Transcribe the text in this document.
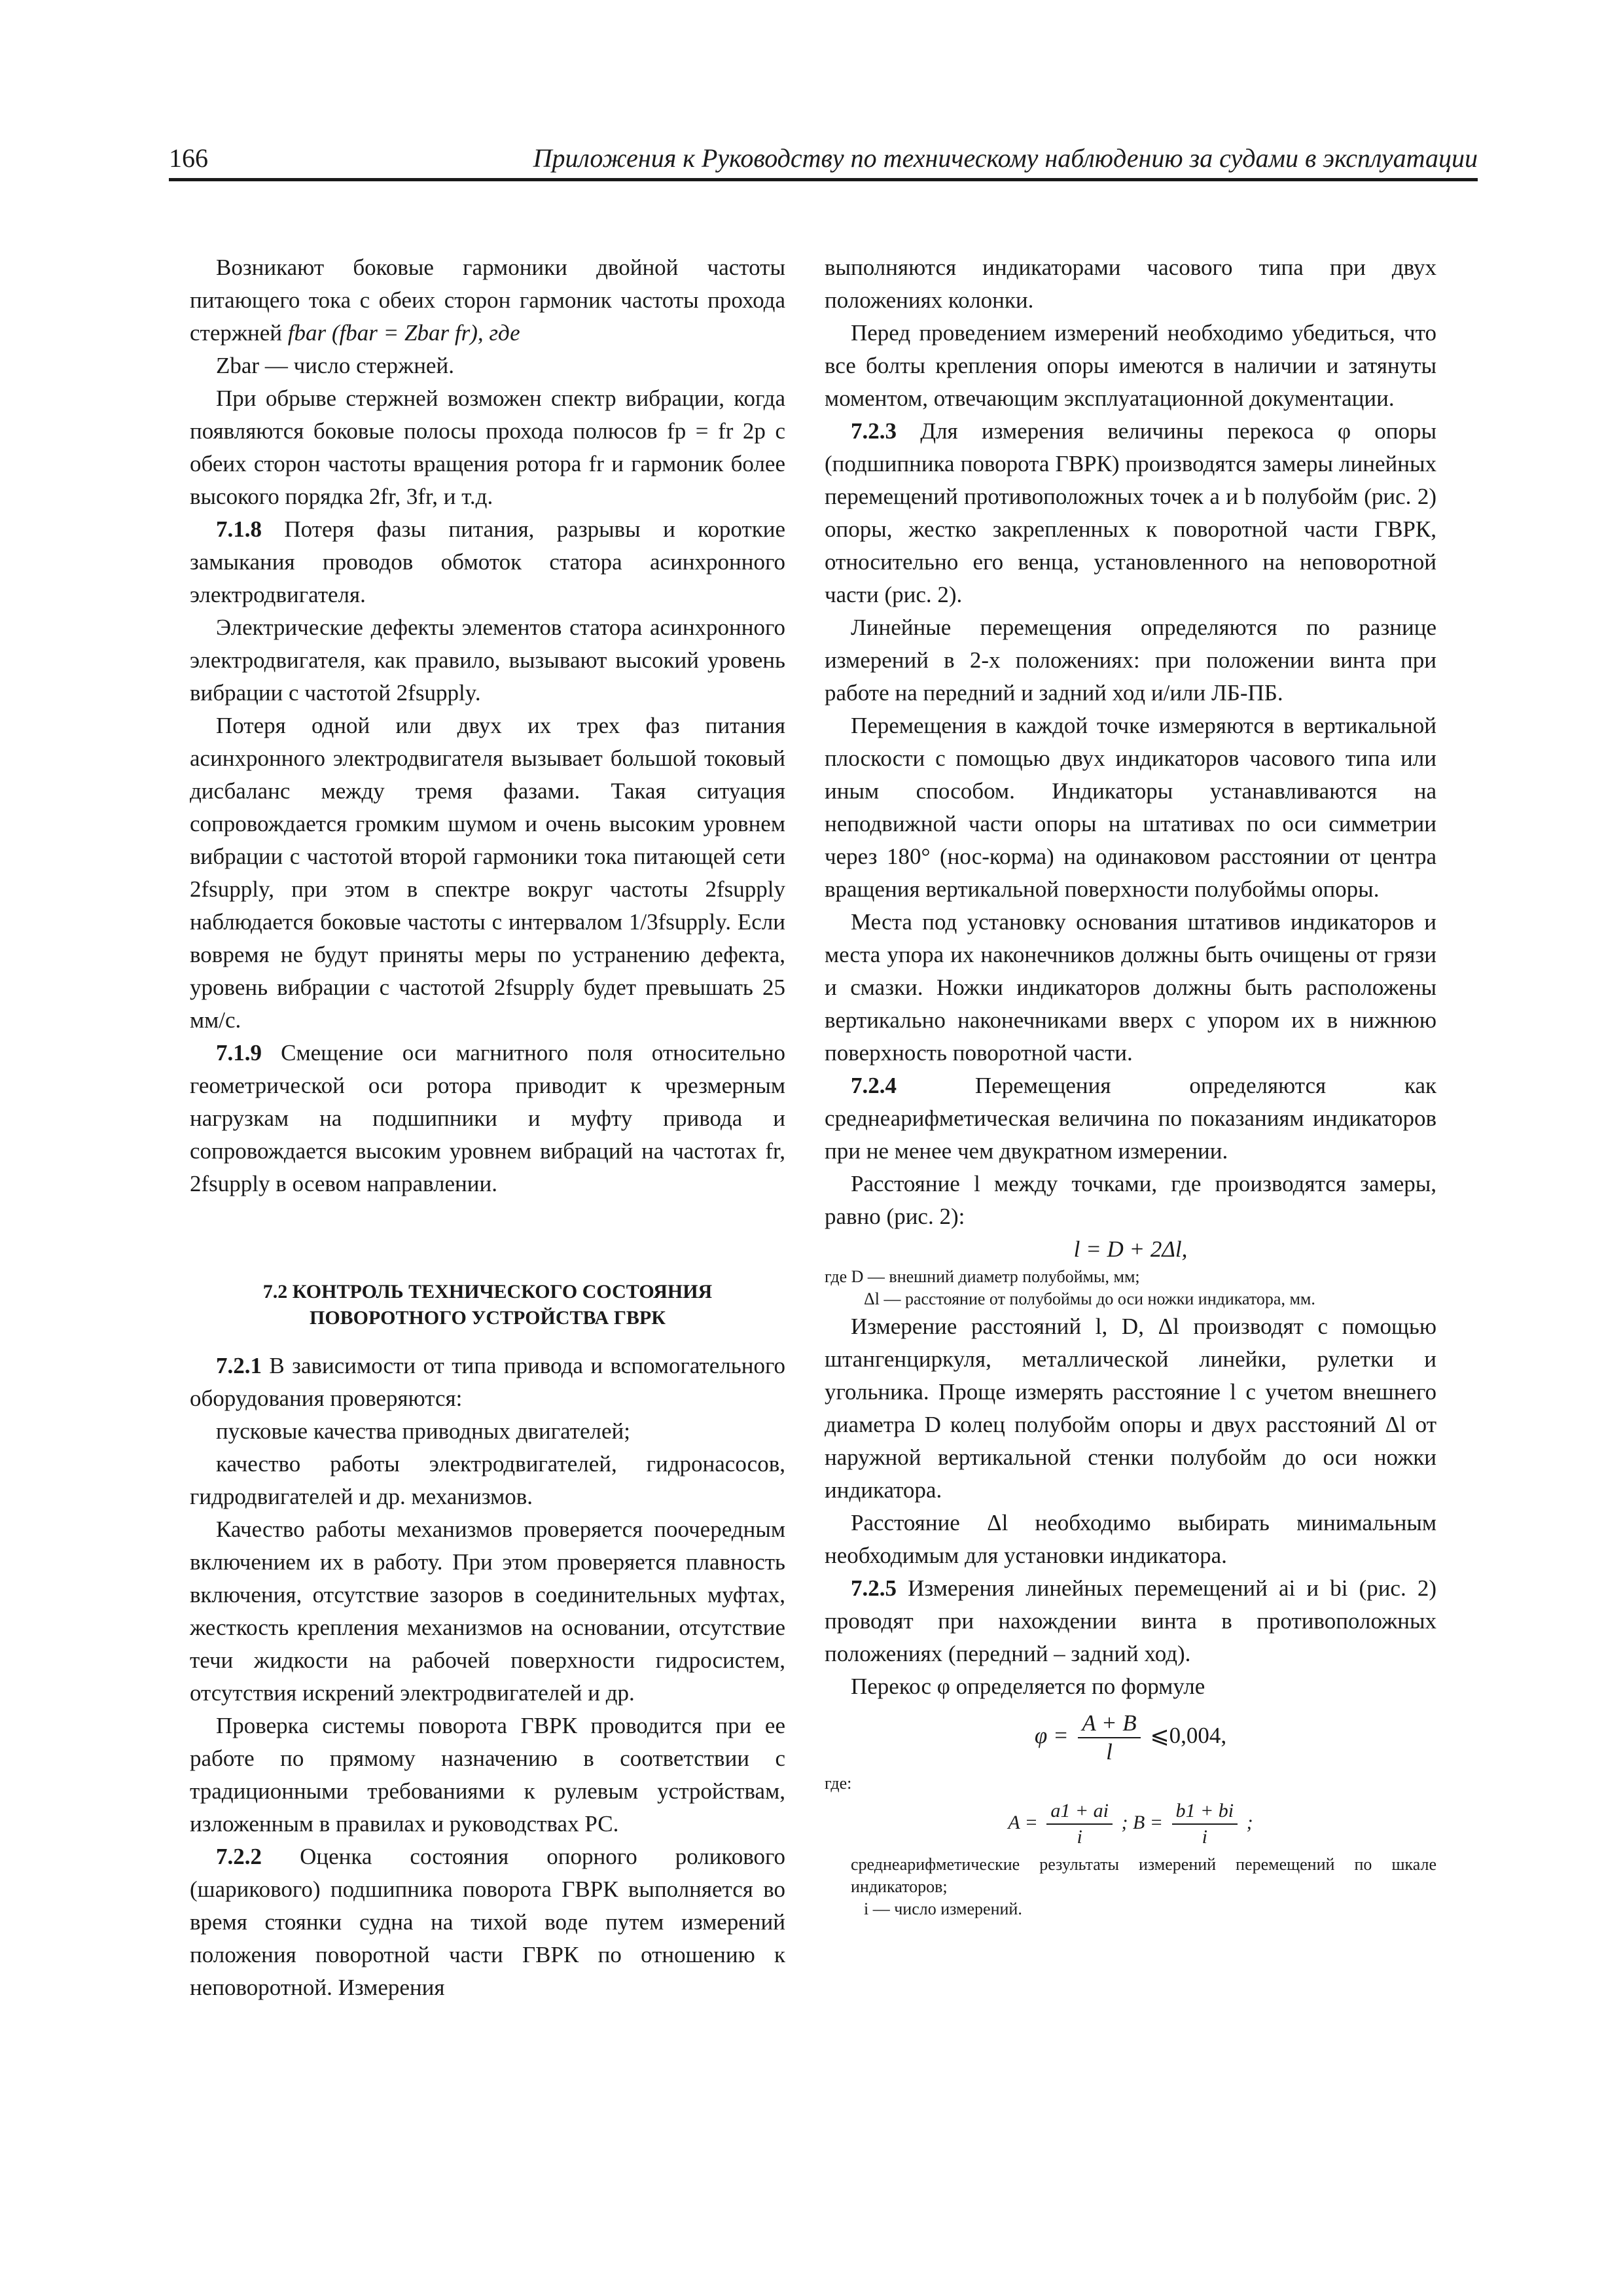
166	Приложения к Руководству по техническому наблюдению за судами в эксплуатации

Возникают боковые гармоники двойной частоты питающего тока с обеих сторон гармоник частоты прохода стержней fbar (fbar = Zbar fr), где

Zbar — число стержней.

При обрыве стержней возможен спектр вибрации, когда появляются боковые полосы прохода полюсов fp = fr 2p с обеих сторон частоты вращения ротора fr и гармоник более высокого порядка 2fr, 3fr, и т.д.

7.1.8 Потеря фазы питания, разрывы и короткие замыкания проводов обмоток статора асинхронного электродвигателя.

Электрические дефекты элементов статора асинхронного электродвигателя, как правило, вызывают высокий уровень вибрации с частотой 2fsupply.

Потеря одной или двух их трех фаз питания асинхронного электродвигателя вызывает большой токовый дисбаланс между тремя фазами. Такая ситуация сопровождается громким шумом и очень высоким уровнем вибрации с частотой второй гармоники тока питающей сети 2fsupply, при этом в спектре вокруг частоты 2fsupply наблюдается боковые частоты с интервалом 1/3fsupply. Если вовремя не будут приняты меры по устранению дефекта, уровень вибрации с частотой 2fsupply будет превышать 25 мм/с.

7.1.9 Смещение оси магнитного поля относительно геометрической оси ротора приводит к чрезмерным нагрузкам на подшипники и муфту привода и сопровождается высоким уровнем вибраций на частотах fr, 2fsupply в осевом направлении.

7.2 КОНТРОЛЬ ТЕХНИЧЕСКОГО СОСТОЯНИЯ
ПОВОРОТНОГО УСТРОЙСТВА ГВРК

7.2.1 В зависимости от типа привода и вспомогательного оборудования проверяются:

пусковые качества приводных двигателей;

качество работы электродвигателей, гидронасосов, гидродвигателей и др. механизмов.

Качество работы механизмов проверяется поочередным включением их в работу. При этом проверяется плавность включения, отсутствие зазоров в соединительных муфтах, жесткость крепления механизмов на основании, отсутствие течи жидкости на рабочей поверхности гидросистем, отсутствия искрений электродвигателей и др.

Проверка системы поворота ГВРК проводится при ее работе по прямому назначению в соответствии с традиционными требованиями к рулевым устройствам, изложенным в правилах и руководствах РС.

7.2.2 Оценка состояния опорного роликового (шарикового) подшипника поворота ГВРК выполняется во время стоянки судна на тихой воде путем измерений положения поворотной части ГВРК по отношению к неповоротной. Измерения

выполняются индикаторами часового типа при двух положениях колонки.

Перед проведением измерений необходимо убедиться, что все болты крепления опоры имеются в наличии и затянуты моментом, отвечающим эксплуатационной документации.

7.2.3 Для измерения величины перекоса φ опоры (подшипника поворота ГВРК) производятся замеры линейных перемещений противоположных точек a и b полубойм (рис. 2) опоры, жестко закрепленных к поворотной части ГВРК, относительно его венца, установленного на неповоротной части (рис. 2).

Линейные перемещения определяются по разнице измерений в 2-х положениях: при положении винта при работе на передний и задний ход и/или ЛБ-ПБ.

Перемещения в каждой точке измеряются в вертикальной плоскости с помощью двух индикаторов часового типа или иным способом. Индикаторы устанавливаются на неподвижной части опоры на штативах по оси симметрии через 180° (нос-корма) на одинаковом расстоянии от центра вращения вертикальной поверхности полубоймы опоры.

Места под установку основания штативов индикаторов и места упора их наконечников должны быть очищены от грязи и смазки. Ножки индикаторов должны быть расположены вертикально наконечниками вверх с упором их в нижнюю поверхность поворотной части.

7.2.4 Перемещения определяются как среднеарифметическая величина по показаниям индикаторов при не менее чем двукратном измерении.

Расстояние l между точками, где производятся замеры, равно (рис. 2):

l = D + 2Δl,

где D — внешний диаметр полубоймы, мм;

Δl — расстояние от полубоймы до оси ножки индикатора, мм.

Измерение расстояний l, D, Δl производят с помощью штангенциркуля, металлической линейки, рулетки и угольника. Проще измерять расстояние l с учетом внешнего диаметра D колец полубойм опоры и двух расстояний Δl от наружной вертикальной стенки полубойм до оси ножки индикатора.

Расстояние Δl необходимо выбирать минимальным необходимым для установки индикатора.

7.2.5 Измерения линейных перемещений ai и bi (рис. 2) проводят при нахождении винта в противоположных положениях (передний – задний ход).

Перекос φ определяется по формуле

$\varphi = \frac{A + B}{l}$ ⩽0,004,

где:

$A = \frac{a1 + ai}{i}$ ; $B = \frac{b1 + bi}{i}$ ;

среднеарифметические результаты измерений перемещений по шкале индикаторов;

i — число измерений.
